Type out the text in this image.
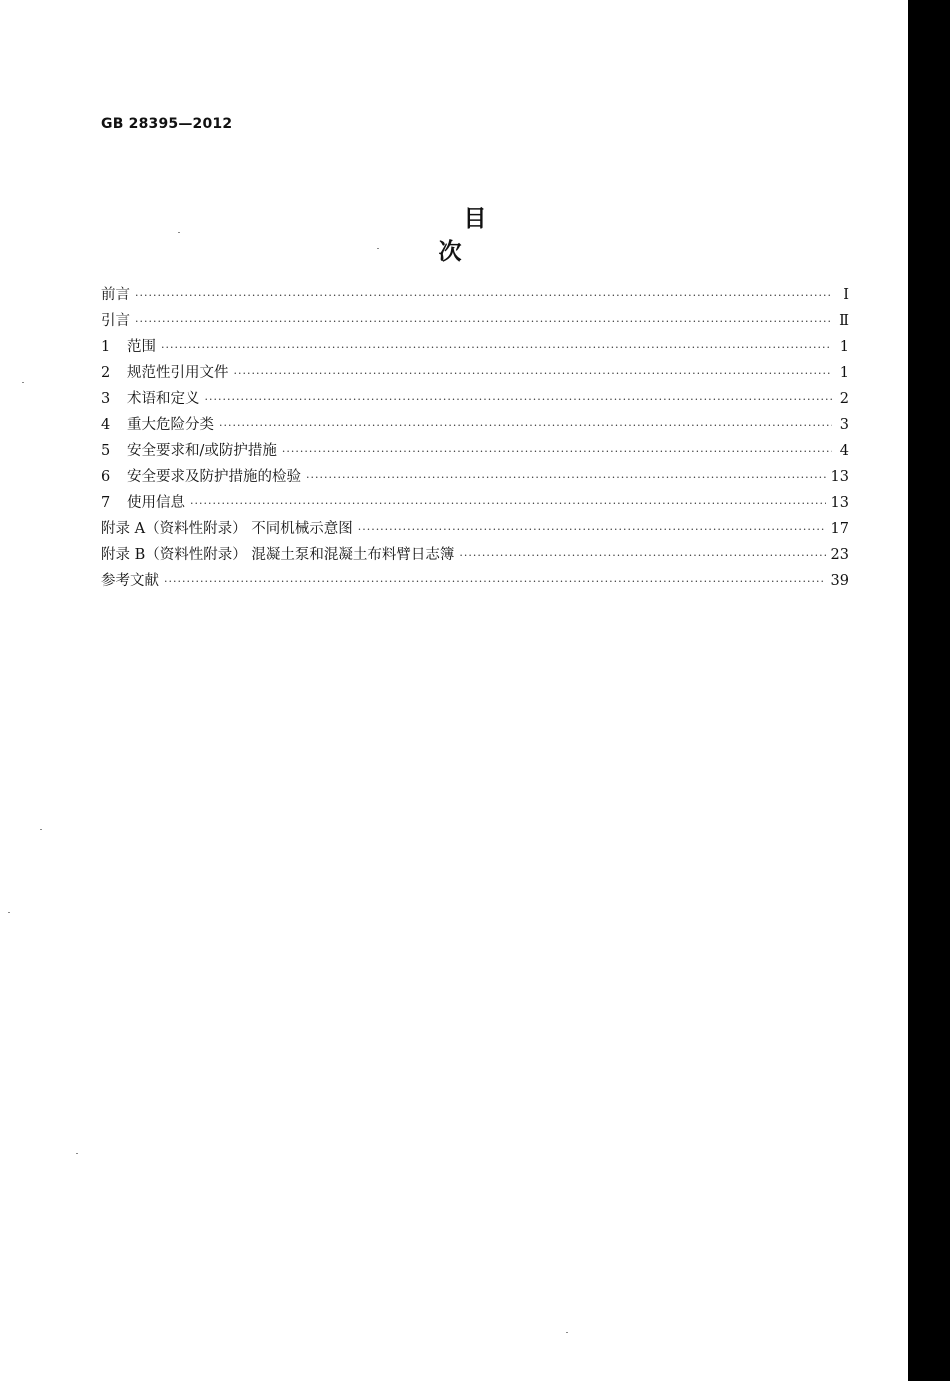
GB 28395—2012
目次
前言 ·····	Ⅰ
引言 ·····	Ⅱ
1	范围 ·····	1
2	规范性引用文件 ·····	1
3	术语和定义 ·····	2
4	重大危险分类 ·····	3
5	安全要求和/或防护措施 ·····	4
6	安全要求及防护措施的检验 ·····	13
7	使用信息 ·····	13
附录 A（资料性附录） 不同机械示意图 ·····	17
附录 B（资料性附录） 混凝土泵和混凝土布料臂日志簿 ·····	23
参考文献 ·····	39
